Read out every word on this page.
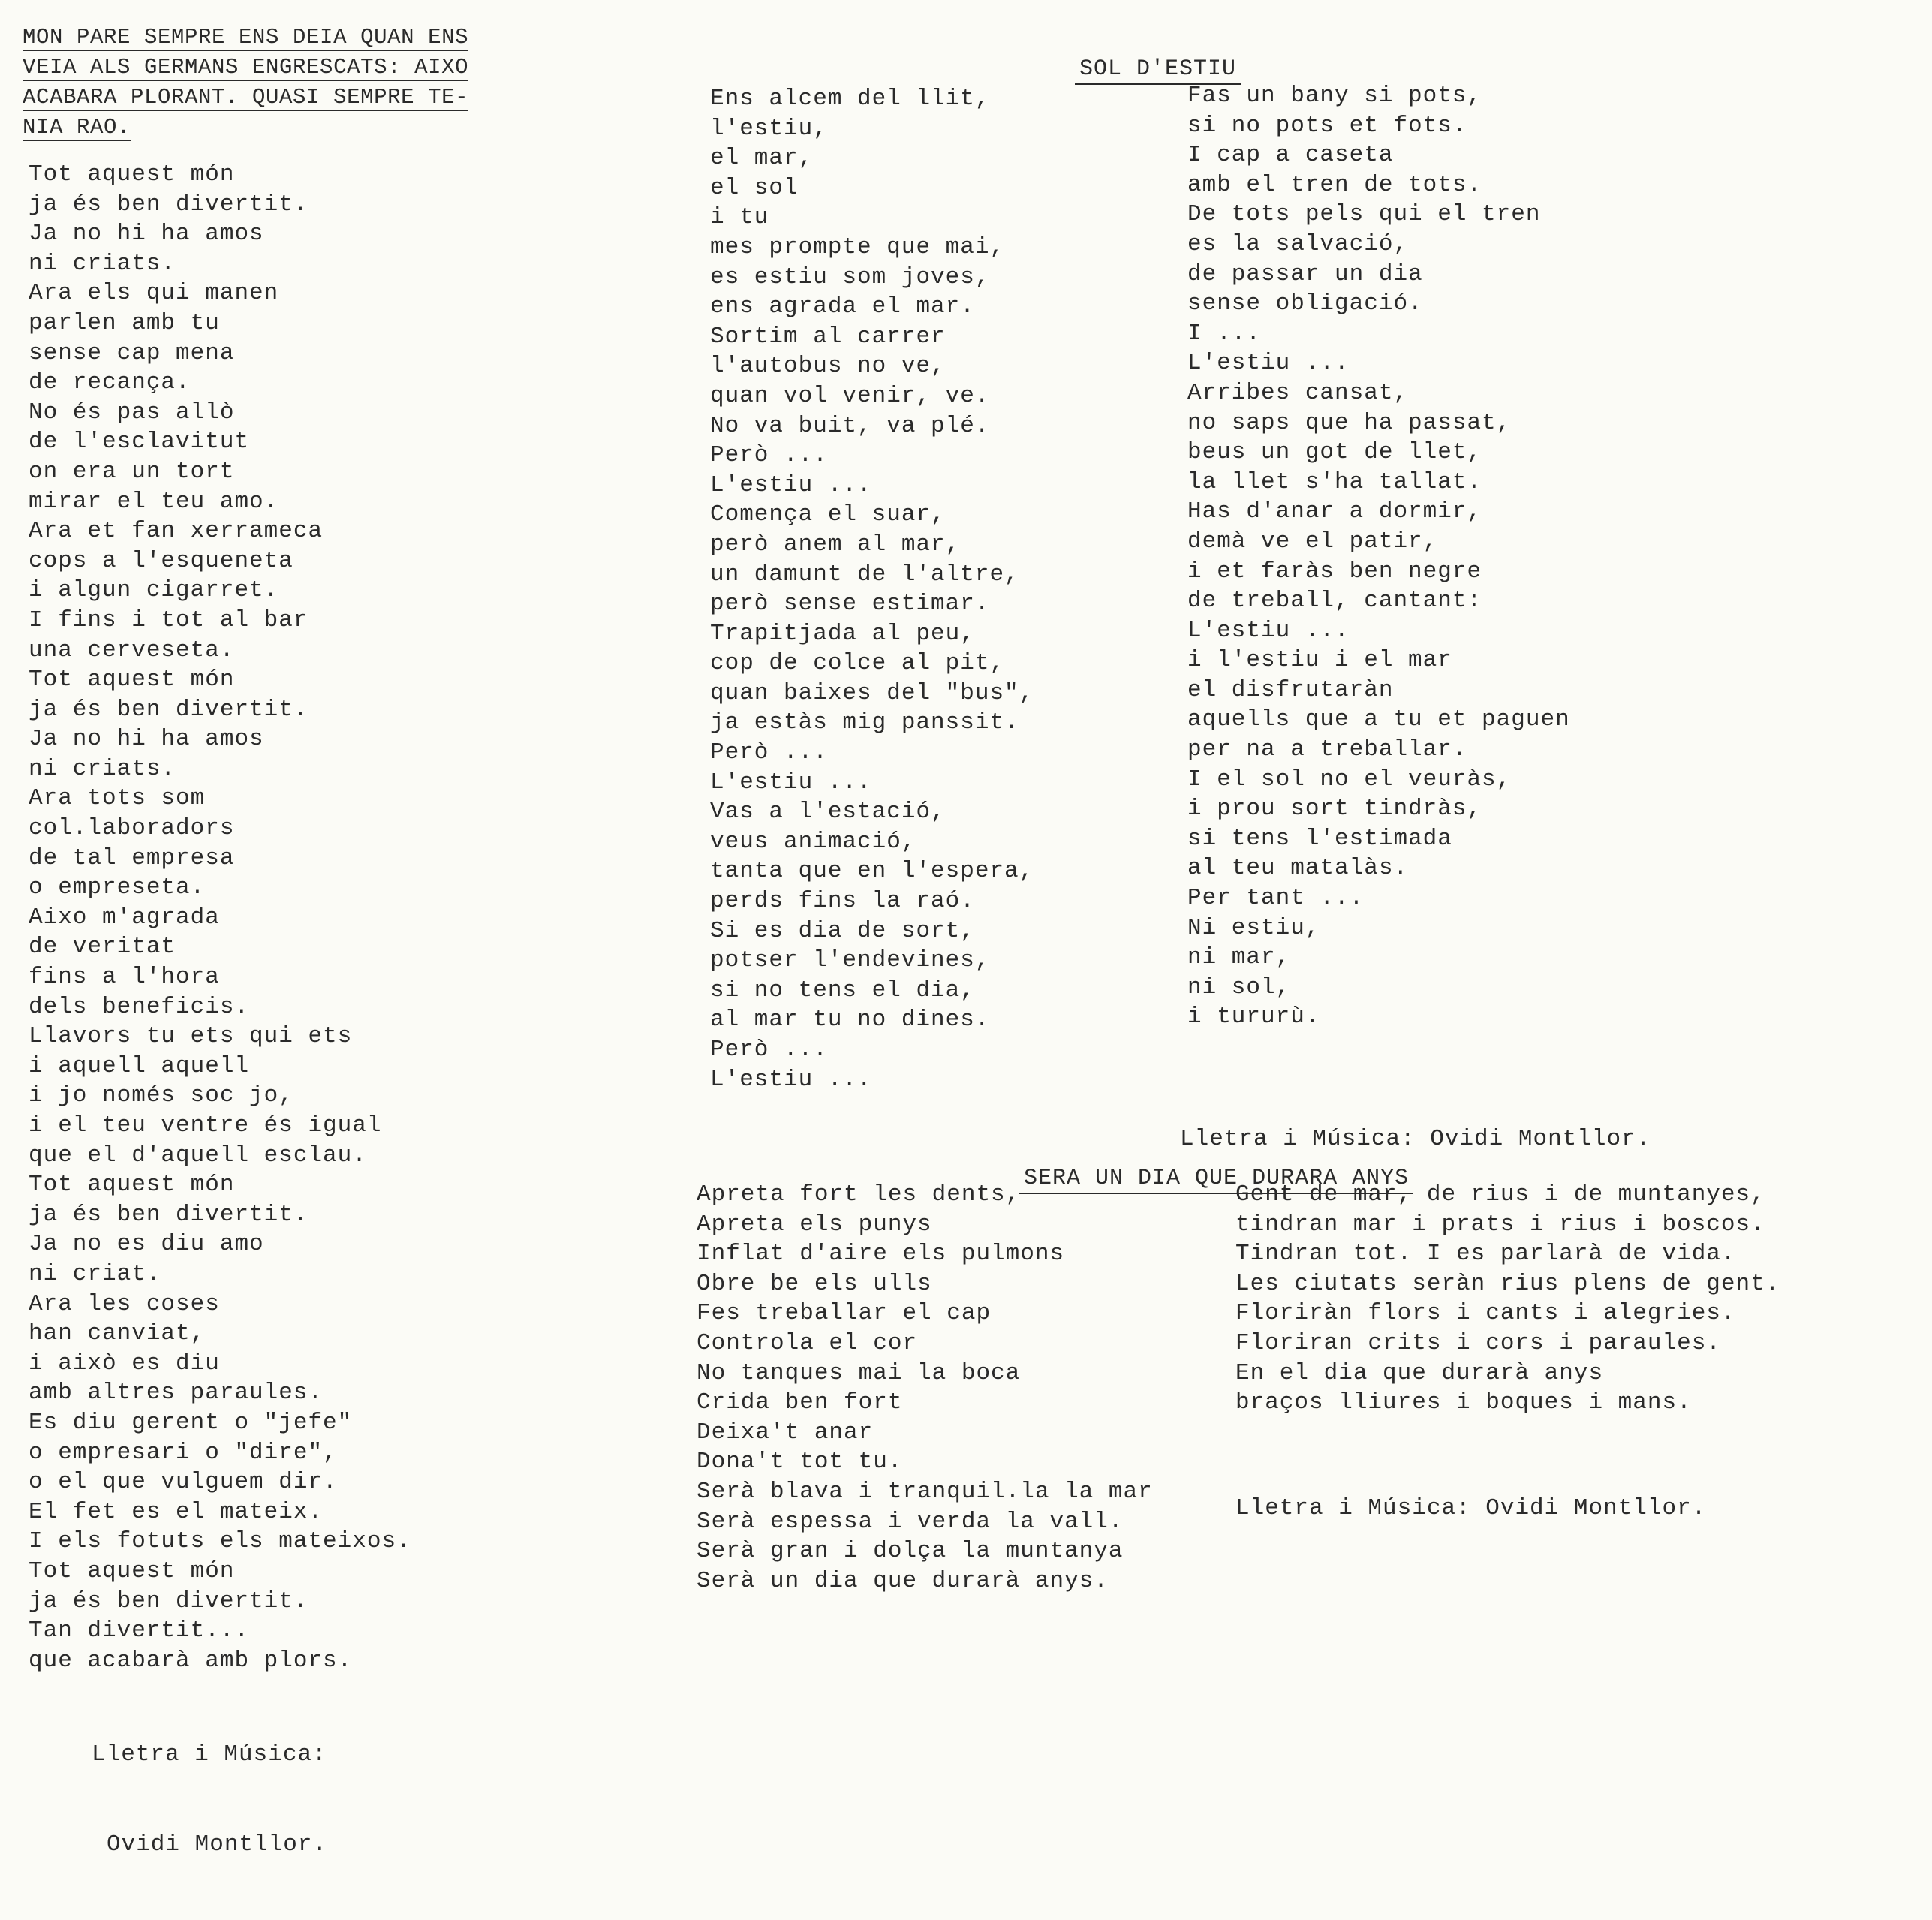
MON PARE SEMPRE ENS DEIA QUAN ENS
VEIA ALS GERMANS ENGRESCATS: AIXO
ACABARA PLORANT. QUASI SEMPRE TE-
NIA RAO.
Tot aquest món
ja és ben divertit.
Ja no hi ha amos
ni criats.
Ara els qui manen
parlen amb tu
sense cap mena
de recança.
No és pas allò
de l'esclavitut
on era un tort
mirar el teu amo.
Ara et fan xerrameca
cops a l'esqueneta
i algun cigarret.
I fins i tot al bar
una cerveseta.
Tot aquest món
ja és ben divertit.
Ja no hi ha amos
ni criats.
Ara tots som
col.laboradors
de tal empresa
o empreseta.
Aixo m'agrada
de veritat
fins a l'hora
dels beneficis.
Llavors tu ets qui ets
i aquell aquell
i jo només soc jo,
i el teu ventre és igual
que el d'aquell esclau.
Tot aquest món
ja és ben divertit.
Ja no es diu amo
ni criat.
Ara les coses
han canviat,
i això es diu
amb altres paraules.
Es diu gerent o "jefe"
o empresari o "dire",
o el que vulguem dir.
El fet es el mateix.
I els fotuts els mateixos.
Tot aquest món
ja és ben divertit.
Tan divertit...
que acabarà amb plors.

Lletra i Música:

Ovidi Montllor.

SOL D'ESTIU

Ens alcem del llit,
l'estiu,
el mar,
el sol
i tu
mes prompte que mai,
es estiu som joves,
ens agrada el mar.
Sortim al carrer
l'autobus no ve,
quan vol venir, ve.
No va buit, va plé.
Però ...
L'estiu ...
Comença el suar,
però anem al mar,
un damunt de l'altre,
però sense estimar.
Trapitjada al peu,
cop de colce al pit,
quan baixes del "bus",
ja estàs mig panssit.
Però ...
L'estiu ...
Vas a l'estació,
veus animació,
tanta que en l'espera,
perds fins la raó.
Si es dia de sort,
potser l'endevines,
si no tens el dia,
al mar tu no dines.
Però ...
L'estiu ...
Fas un bany si pots,
si no pots et fots.
I cap a caseta
amb el tren de tots.
De tots pels qui el tren
es la salvació,
de passar un dia
sense obligació.
I ...
L'estiu ...
Arribes cansat,
no saps que ha passat,
beus un got de llet,
la llet s'ha tallat.
Has d'anar a dormir,
demà ve el patir,
i et faràs ben negre
de treball, cantant:
L'estiu ...
i l'estiu i el mar
el disfrutaràn
aquells que a tu et paguen
per na a treballar.
I el sol no el veuràs,
i prou sort tindràs,
si tens l'estimada
al teu matalàs.
Per tant ...
Ni estiu,
ni mar,
ni sol,
i tururù.

Lletra i Música: Ovidi Montllor.

SERA UN DIA QUE DURARA ANYS

Apreta fort les dents,
Apreta els punys
Inflat d'aire els pulmons
Obre be els ulls
Fes treballar el cap
Controla el cor
No tanques mai la boca
Crida ben fort
Deixa't anar
Dona't tot tu.
Serà blava i tranquil.la la mar
Serà espessa i verda la vall.
Serà gran i dolça la muntanya
Serà un dia que durarà anys.
Gent de mar, de rius i de muntanyes,
tindran mar i prats i rius i boscos.
Tindran tot. I es parlarà de vida.
Les ciutats seràn rius plens de gent.
Floriràn flors i cants i alegries.
Floriran crits i cors i paraules.
En el dia que durarà anys
braços lliures i boques i mans.

Lletra i Música: Ovidi Montllor.
